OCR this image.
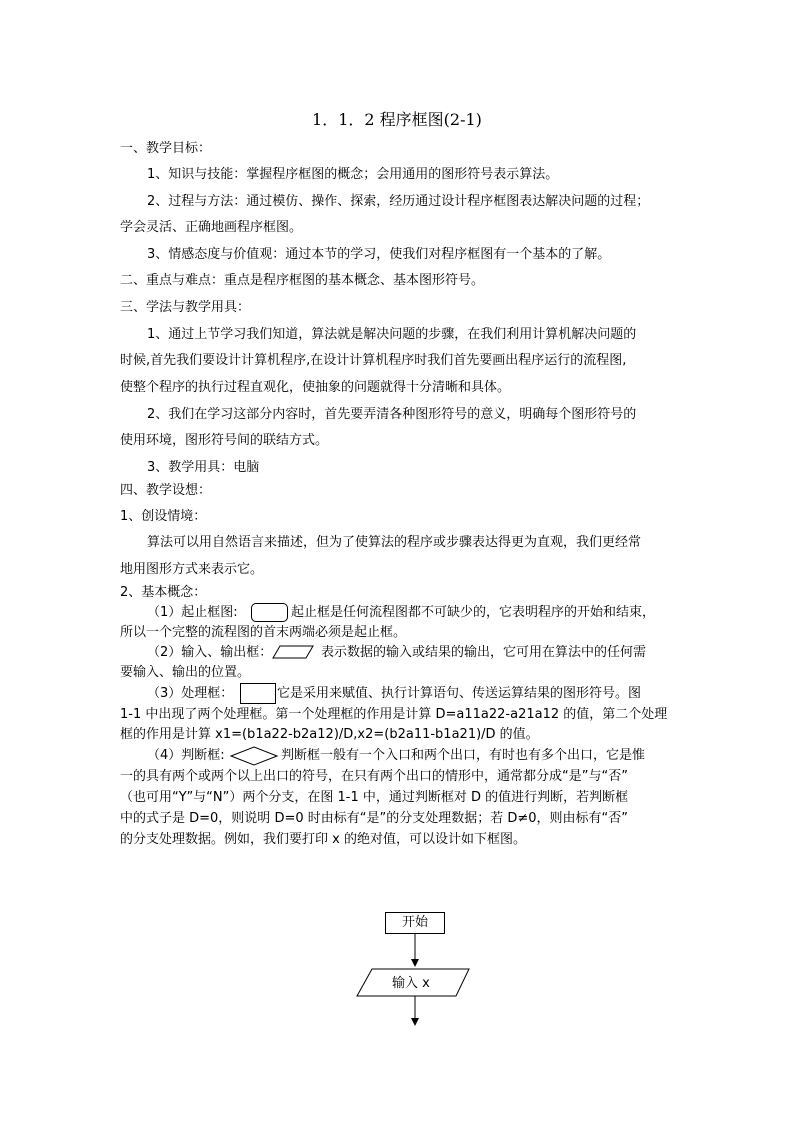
1．1．2 程序框图(2-1)
一、教学目标：
1、知识与技能：掌握程序框图的概念；会用通用的图形符号表示算法。
2、过程与方法：通过模仿、操作、探索，经历通过设计程序框图表达解决问题的过程；
学会灵活、正确地画程序框图。
3、情感态度与价值观：通过本节的学习，使我们对程序框图有一个基本的了解。
二、重点与难点：重点是程序框图的基本概念、基本图形符号。
三、学法与教学用具：
1、通过上节学习我们知道，算法就是解决问题的步骤，在我们利用计算机解决问题的
时候,首先我们要设计计算机程序,在设计计算机程序时我们首先要画出程序运行的流程图,
使整个程序的执行过程直观化，使抽象的问题就得十分清晰和具体。
2、我们在学习这部分内容时，首先要弄清各种图形符号的意义，明确每个图形符号的
使用环境，图形符号间的联结方式。
3、教学用具：电脑
四、教学设想：
1、创设情境：
算法可以用自然语言来描述，但为了使算法的程序或步骤表达得更为直观，我们更经常
地用图形方式来表示它。
2、基本概念：
（1）起止框图:	起止框是任何流程图都不可缺少的，它表明程序的开始和结束，
所以一个完整的流程图的首末两端必须是起止框。
（2）输入、输出框：	表示数据的输入或结果的输出，它可用在算法中的任何需
要输入、输出的位置。
（3）处理框：	它是采用来赋值、执行计算语句、传送运算结果的图形符号。图
1-1 中出现了两个处理框。第一个处理框的作用是计算 D=a11a22-a21a12 的值，第二个处理
框的作用是计算 x1=(b1a22-b2a12)/D,x2=(b2a11-b1a21)/D 的值。
（4）判断框:	判断框一般有一个入口和两个出口，有时也有多个出口，它是惟
一的具有两个或两个以上出口的符号，在只有两个出口的情形中，通常都分成“是”与“否”
（也可用“Y”与“N”）两个分支，在图 1-1 中，通过判断框对 D 的值进行判断，若判断框
中的式子是 D=0，则说明 D=0 时由标有“是”的分支处理数据；若 D≠0，则由标有“否”
的分支处理数据。例如，我们要打印 x 的绝对值，可以设计如下框图。
开始
输入 x
